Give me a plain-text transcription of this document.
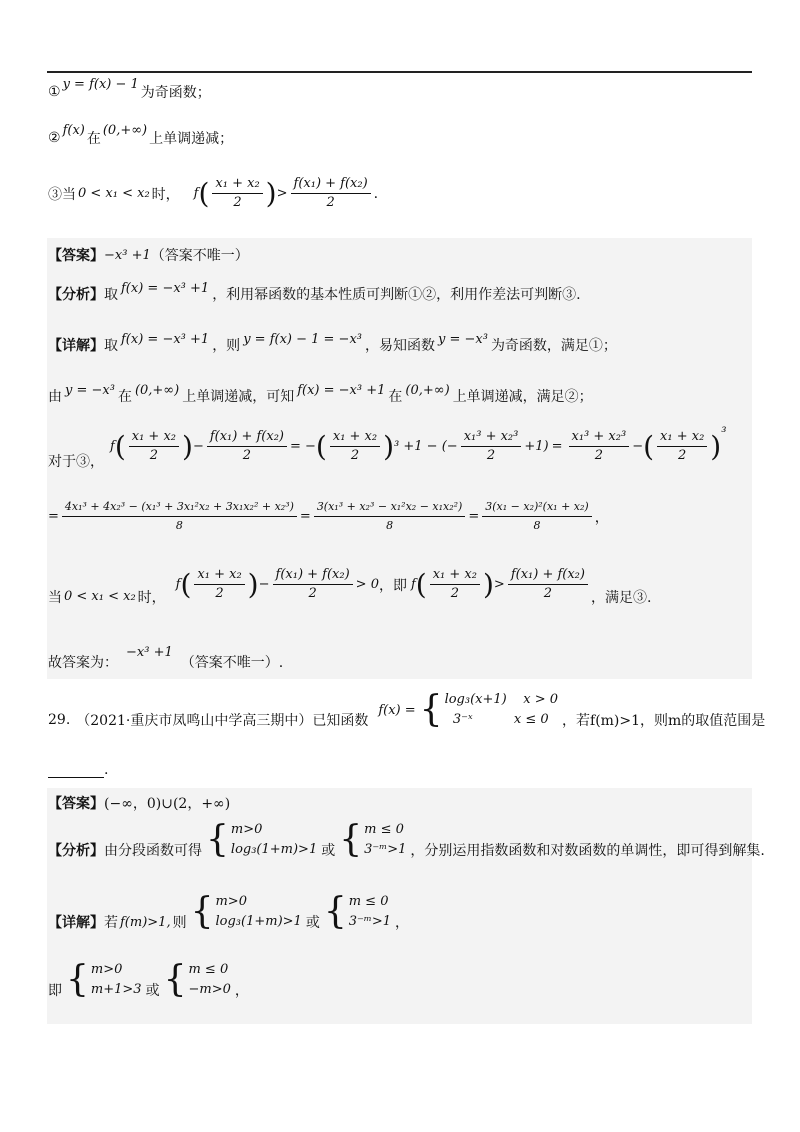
① y = f(x) − 1
为奇函数；
② f(x)
在
(0,+∞)
上单调递减；
③当 0 < x₁ < x₂ 时， f ( $\frac{\text{x₁ + x₂}}{2}$ ) > $\frac{\text{f(x₁) + f(x₂)}}{2}$ .
【答案】 −x³ +1 （答案不唯一）
【分析】 取 f(x) = −x³ +1 ，利用幂函数的基本性质可判断①②，利用作差法可判断③.
【详解】 取 f(x) = −x³ +1 ，则 y = f(x) − 1 = −x³ ，易知函数 y = −x³ 为奇函数，满足①；
由 y = −x³ 在 (0,+∞) 上单调递减，可知 f(x) = −x³ +1 在 (0,+∞) 上单调递减，满足②；
对于③，
f ( $\frac{\text{x₁ + x₂}}{2}$ ) − $\frac{\text{f(x₁) + f(x₂)}}{2}$ = − ( $\frac{\text{x₁ + x₂}}{2}$ ) ³ +1 − (− $\frac{\text{x₁³ + x₂³}}{2} +1) = \frac{\text{x₁³ + x₂³}}{2}$ − ( $\frac{\text{x₁ + x₂}}{2}$ ) ³
= $\frac{\text{4x₁³ + 4x₂³ − (x₁³ + 3x₁²x₂ + 3x₁x₂² + x₂³)}}{8} = \frac{\text{3(x₁³ + x₂³ − x₁²x₂ − x₁x₂²)}}{8} = \frac{\text{3(x₁ − x₂)²(x₁ + x₂)}}{8}$ ，
当 0 < x₁ < x₂ 时，
f ( $\frac{\text{x₁ + x₂}}{2}$ ) − $\frac{\text{f(x₁) + f(x₂)}}{2} > 0$ ，即 f ( $\frac{\text{x₁ + x₂}}{2}$ ) > $\frac{\text{f(x₁) + f(x₂)}}{2}$ ，满足③.
故答案为：
−x³ +1
（答案不唯一）.
29. （2021·重庆市凤鸣山中学高三期中）已知函数
f(x) = { log₃(x+1) x > 0
3⁻ˣ	x ≤ 0 ，若f(m)>1，则m的取值范围是
.
【答案】 (−∞，0)∪(2，+∞)
【分析】 由分段函数可得 { m>0
log₃(1+m)>1 或 { m ≤ 0
3⁻ᵐ>1 ，分别运用指数函数和对数函数的单调性，即可得到解集.
【详解】 若 f(m)>1, 则 { m>0
log₃(1+m)>1 或 { m ≤ 0
3⁻ᵐ>1 ，
即 { m>0
m+1>3 或 { m ≤ 0
−m>0 ，
